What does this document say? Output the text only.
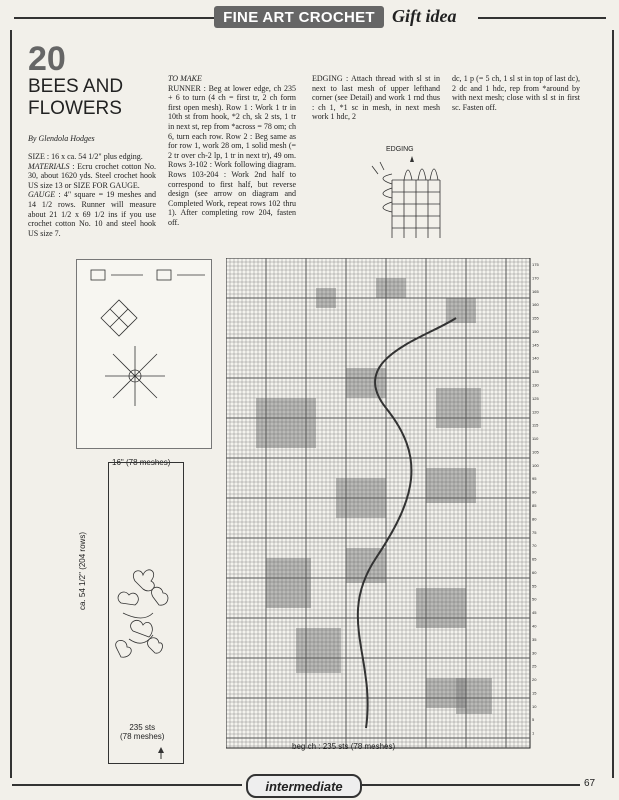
FINE ART CROCHET Gift idea
20
BEES AND
FLOWERS
By Glendola Hodges
SIZE : 16 x ca. 54 1/2" plus edging.
MATERIALS : Ecru crochet cotton No. 30, about 1620 yds. Steel crochet hook US size 13 or SIZE FOR GAUGE.
GAUGE : 4" square = 19 meshes and 14 1/2 rows. Runner will measure about 21 1/2 x 69 1/2 ins if you use crochet cotton No. 10 and steel hook US size 7.
TO MAKE
RUNNER : Beg at lower edge, ch 235 + 6 to turn (4 ch = first tr, 2 ch form first open mesh). Row 1 : Work 1 tr in 10th st from hook, *2 ch, sk 2 sts, 1 tr in next st, rep from *across = 78 om; ch 6, turn each row. Row 2 : Beg same as for row 1, work 28 om, 1 solid mesh (= 2 tr over ch-2 lp, 1 tr in next tr), 49 om. Rows 3-102 : Work following diagram. Rows 103-204 : Work 2nd half to correspond to first half, but reverse design (see arrow on diagram and Completed Work, repeat rows 102 thru 1). After completing row 204, fasten off.
EDGING : Attach thread with sl st in next to last mesh of upper lefthand corner (see Detail) and work 1 rnd thus : ch 1, *1 sc in mesh, in next mesh work 1 hdc, 2
dc, 1 p (= 5 ch, 1 sl st in top of last dc), 2 dc and 1 hdc, rep from *around by with next mesh; close with sl st in first sc. Fasten off.
EDGING
16" (78 meshes)
ca. 54 1/2" (204 rows)
235 sts
(78 meshes)
175
170
165
160
155
150
145
140
135
130
125
120
115
110
105
100
95
90
85
80
75
70
65
60
55
50
45
40
35
30
25
20
15
10
5
1
beg ch : 235 sts (78 meshes)
intermediate	67
